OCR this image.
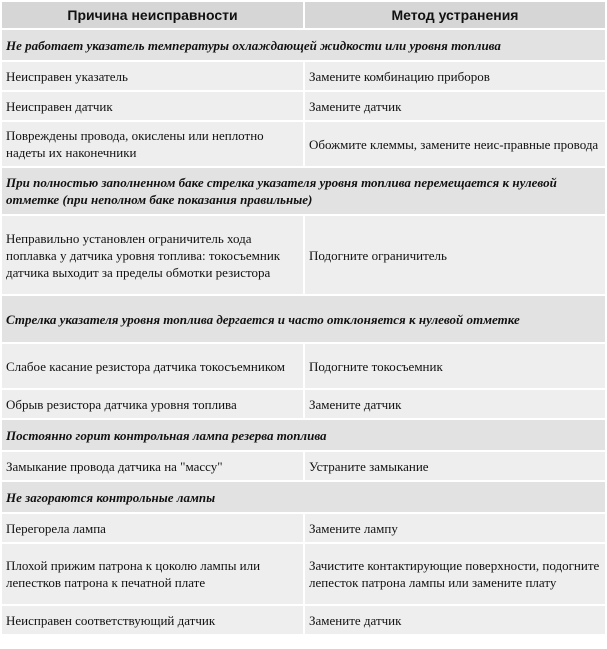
Причина неисправности	Метод устранения
Не работает указатель температуры охлаждающей жидкости или уровня топлива	
Неисправен указатель	Замените комбинацию приборов
Неисправен датчик	Замените датчик
Повреждены провода, окислены или неплотно надеты их наконечники	Обожмите клеммы, замените неис-правные провода
При полностью заполненном баке стрелка указателя уровня топлива перемещается к нулевой отметке (при неполном баке показания правильные)	
Неправильно установлен ограничитель хода поплавка у датчика уровня топлива: токосъемник датчика выходит за пределы обмотки резистора	Подогните ограничитель
Стрелка указателя уровня топлива дергается и часто отклоняется к нулевой отметке	
Слабое касание резистора датчика токосъемником	Подогните токосъемник
Обрыв резистора датчика уровня топлива	Замените датчик
Постоянно горит контрольная лампа резерва топлива	
Замыкание провода датчика на "массу"	Устраните замыкание
Не загораются контрольные лампы	
Перегорела лампа	Замените лампу
Плохой прижим патрона к цоколю лампы или лепестков патрона к печатной плате	Зачистите контактирующие поверхности, подогните лепесток патрона лампы или замените плату
Неисправен соответствующий датчик	Замените датчик
